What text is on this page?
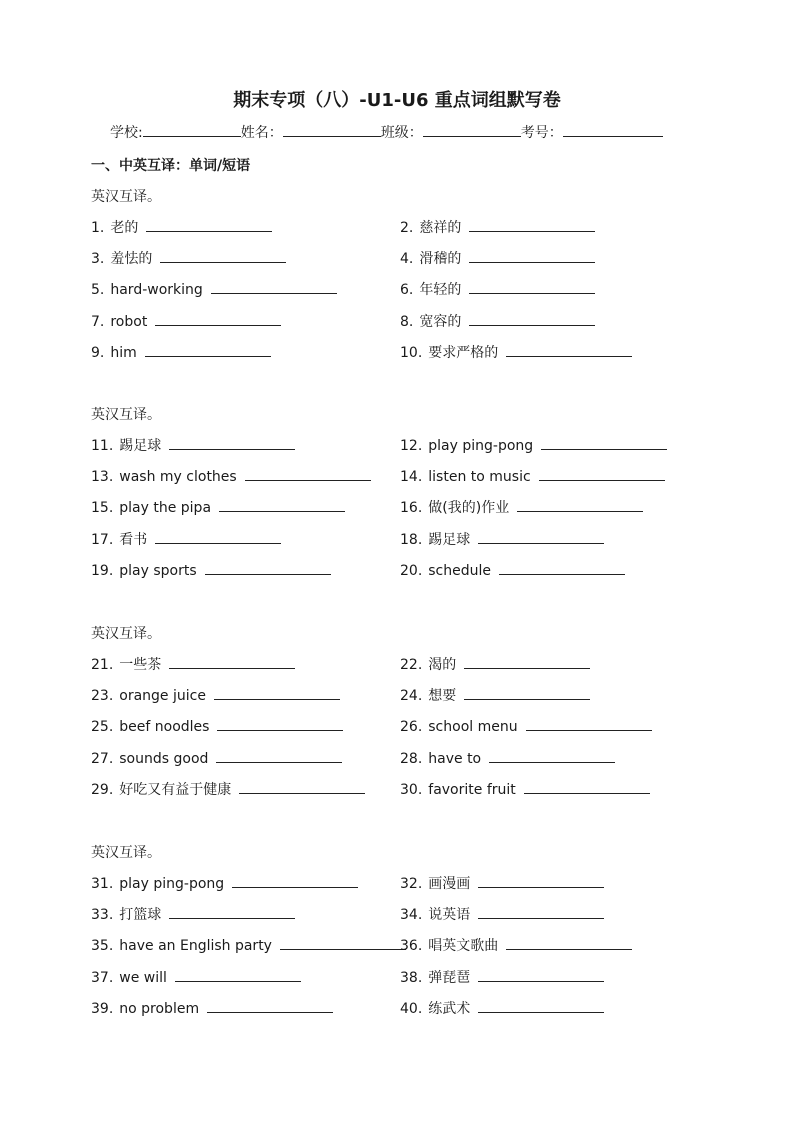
期末专项（八）-U1-U6 重点词组默写卷
学校:	姓名：	班级：	考号：
一、中英互译：单词/短语
英汉互译。
1. 老的	2. 慈祥的
3. 羞怯的	4. 滑稽的
5. hard-working	6. 年轻的
7. robot	8. 宽容的
9. him	10. 要求严格的
英汉互译。
11. 踢足球	12. play ping-pong
13. wash my clothes	14. listen to music
15. play the pipa	16. 做(我的)作业
17. 看书	18. 踢足球
19. play sports	20. schedule
英汉互译。
21. 一些茶	22. 渴的
23. orange juice	24. 想要
25. beef noodles	26. school menu
27. sounds good	28. have to
29. 好吃又有益于健康	30. favorite fruit
英汉互译。
31. play ping-pong	32. 画漫画
33. 打篮球	34. 说英语
35. have an English party	36. 唱英文歌曲
37. we will	38. 弹琵琶
39. no problem	40. 练武术
